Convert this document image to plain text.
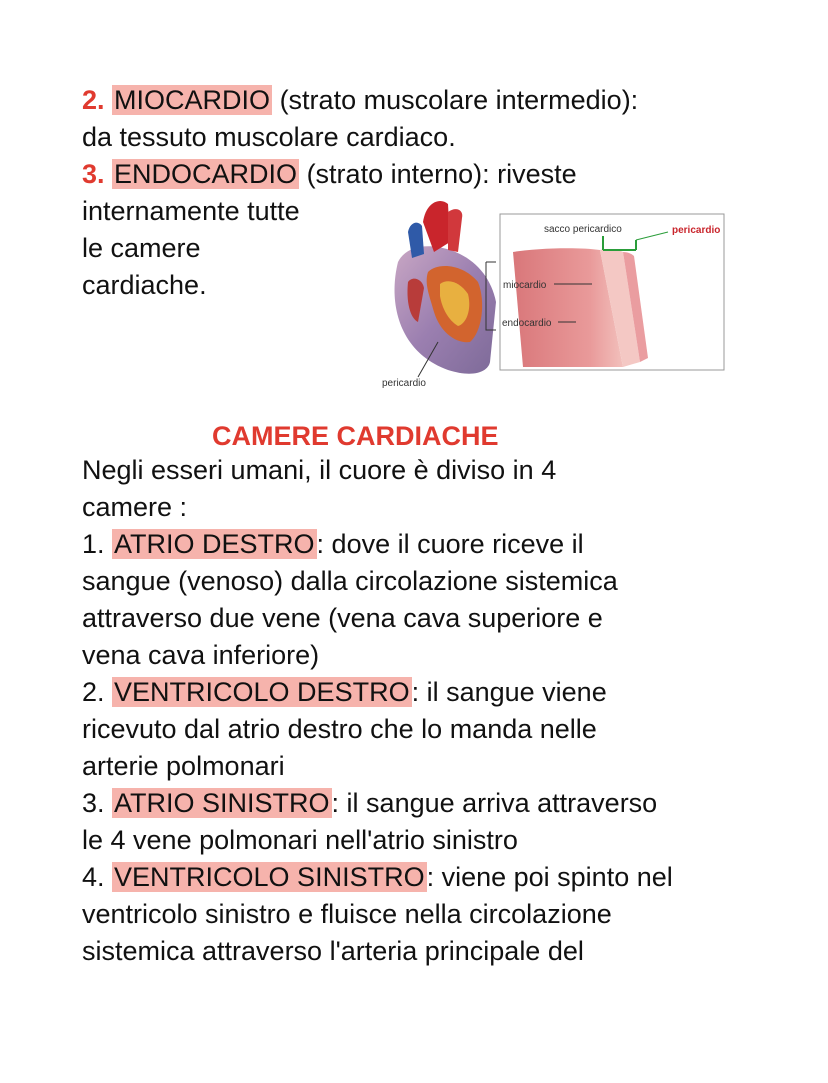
2. MIOCARDIO (strato muscolare intermedio):
da tessuto muscolare cardiaco.
3. ENDOCARDIO (strato interno): riveste
internamente tutte
le camere
cardiache.
sacco pericardico	pericardio
miocardio
endocardio
pericardio
CAMERE CARDIACHE
Negli esseri umani, il cuore è diviso in 4
camere :
1. ATRIO DESTRO: dove il cuore riceve il
sangue (venoso) dalla circolazione sistemica
attraverso due vene (vena cava superiore e
vena cava inferiore)
2. VENTRICOLO DESTRO: il sangue viene
ricevuto dal atrio destro che lo manda nelle
arterie polmonari
3. ATRIO SINISTRO: il sangue arriva attraverso
le 4 vene polmonari nell'atrio sinistro
4. VENTRICOLO SINISTRO: viene poi spinto nel
ventricolo sinistro e fluisce nella circolazione
sistemica attraverso l'arteria principale del
